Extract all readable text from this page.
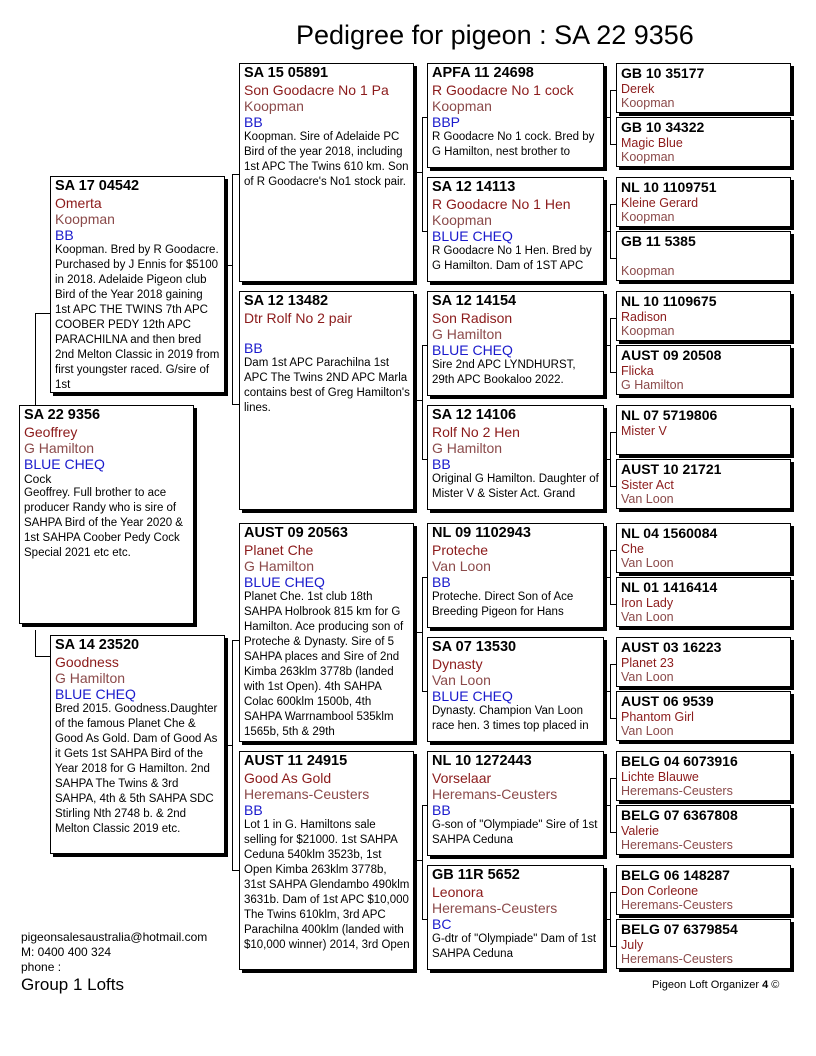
Pedigree for pigeon : SA 22 9356
SA 22 9356
Geoffrey
G Hamilton
BLUE CHEQ
Cock
Geoffrey. Full brother to ace producer Randy who is sire of SAHPA Bird of the Year 2020 & 1st SAHPA Coober Pedy Cock Special 2021 etc etc.
SA 17 04542
Omerta
Koopman
BB
Koopman. Bred by R Goodacre. Purchased by J Ennis for $5100 in 2018. Adelaide Pigeon club Bird of the Year 2018 gaining 1st APC THE TWINS 7th APC COOBER PEDY 12th APC PARACHILNA and then bred 2nd Melton Classic in 2019 from first youngster raced. G/sire of 1st
SA 14 23520
Goodness
G Hamilton
BLUE CHEQ
Bred 2015. Goodness.Daughter of the famous Planet Che & Good As Gold. Dam of Good As it Gets 1st SAHPA Bird of the Year 2018 for G Hamilton. 2nd SAHPA The Twins & 3rd SAHPA, 4th & 5th SAHPA SDC Stirling Nth 2748 b. & 2nd Melton Classic 2019 etc.
SA 15 05891
Son Goodacre No 1 Pa
Koopman
BB
Koopman. Sire of Adelaide PC Bird of the year 2018, including 1st APC The Twins 610 km. Son of R Goodacre's No1 stock pair.
SA 12 13482
Dtr Rolf No 2 pair
BB
Dam 1st APC Parachilna 1st APC The Twins 2ND APC Marla contains best of Greg Hamilton's lines.
AUST 09 20563
Planet Che
G Hamilton
BLUE CHEQ
Planet Che. 1st club 18th SAHPA Holbrook 815 km for G Hamilton. Ace producing son of Proteche & Dynasty. Sire of 5 SAHPA places and Sire of 2nd Kimba 263klm 3778b (landed with 1st Open). 4th SAHPA Colac 600klm 1500b, 4th SAHPA Warrnambool 535klm 1565b, 5th & 29th
AUST 11 24915
Good As Gold
Heremans-Ceusters
BB
Lot 1 in G. Hamiltons sale selling for $21000. 1st SAHPA Ceduna 540klm 3523b, 1st Open Kimba 263klm 3778b, 31st SAHPA Glendambo 490klm 3631b. Dam of 1st APC $10,000 The Twins 610klm, 3rd APC Parachilna 400klm (landed with $10,000 winner) 2014, 3rd Open
APFA 11 24698
R Goodacre No 1 cock
Koopman
BBP
R Goodacre No 1 cock. Bred by G Hamilton, nest brother to
SA 12 14113
R Goodacre No 1 Hen
Koopman
BLUE CHEQ
R Goodacre No 1 Hen. Bred by G Hamilton. Dam of 1ST APC
SA 12 14154
Son Radison
G Hamilton
BLUE CHEQ
Sire 2nd APC LYNDHURST, 29th APC Bookaloo 2022.
SA 12 14106
Rolf No 2 Hen
G Hamilton
BB
Original G Hamilton. Daughter of Mister V & Sister Act. Grand
NL 09 1102943
Proteche
Van Loon
BB
Proteche. Direct Son of Ace Breeding Pigeon for Hans
SA 07 13530
Dynasty
Van Loon
BLUE CHEQ
Dynasty. Champion Van Loon race hen. 3 times top placed in
NL 10 1272443
Vorselaar
Heremans-Ceusters
BB
G-son of "Olympiade" Sire of 1st SAHPA Ceduna
GB 11R 5652
Leonora
Heremans-Ceusters
BC
G-dtr of "Olympiade" Dam of 1st SAHPA Ceduna
GB 10 35177
Derek
Koopman
GB 10 34322
Magic Blue
Koopman
NL 10 1109751
Kleine Gerard
Koopman
GB 11 5385
Koopman
NL 10 1109675
Radison
Koopman
AUST 09 20508
Flicka
G Hamilton
NL 07 5719806
Mister V
AUST 10 21721
Sister Act
Van Loon
NL 04 1560084
Che
Van Loon
NL 01 1416414
Iron Lady
Van Loon
AUST 03 16223
Planet 23
Van Loon
AUST 06 9539
Phantom Girl
Van Loon
BELG 04 6073916
Lichte Blauwe
Heremans-Ceusters
BELG 07 6367808
Valerie
Heremans-Ceusters
BELG 06 148287
Don Corleone
Heremans-Ceusters
BELG 07 6379854
July
Heremans-Ceusters
pigeonsalesaustralia@hotmail.com
M: 0400 400 324
phone :
Group 1 Lofts	Pigeon Loft Organizer 4 ©
